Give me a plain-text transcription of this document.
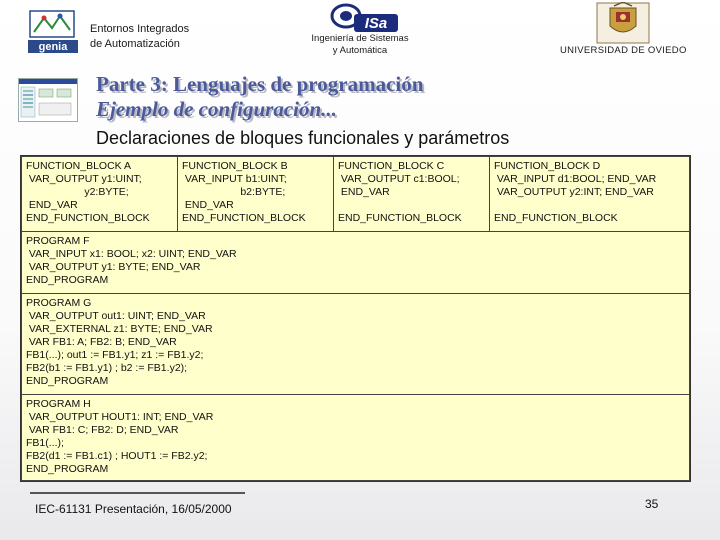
genia
Entornos Integrados
de Automatización
ISa
Ingeniería de Sistemas
y Automática	UNIVERSIDAD DE OVIEDO
Parte 3: Lenguajes de programación
Ejemplo de configuración...
Declaraciones de bloques funcionales y parámetros
FUNCTION_BLOCK A
VAR_OUTPUT y1:UINT;
y2:BYTE;
END_VAR
END_FUNCTION_BLOCK
FUNCTION_BLOCK B
VAR_INPUT b1:UINT;
b2:BYTE;
END_VAR
END_FUNCTION_BLOCK
FUNCTION_BLOCK C
VAR_OUTPUT c1:BOOL;
END_VAR

END_FUNCTION_BLOCK
FUNCTION_BLOCK D
VAR_INPUT d1:BOOL; END_VAR
VAR_OUTPUT y2:INT; END_VAR

END_FUNCTION_BLOCK
PROGRAM F
VAR_INPUT x1: BOOL; x2: UINT; END_VAR
VAR_OUTPUT y1: BYTE; END_VAR
END_PROGRAM
PROGRAM G
VAR_OUTPUT out1: UINT; END_VAR
VAR_EXTERNAL z1: BYTE; END_VAR
VAR FB1: A; FB2: B; END_VAR
FB1(...); out1 := FB1.y1; z1 := FB1.y2;
FB2(b1 := FB1.y1) ; b2 := FB1.y2);
END_PROGRAM
PROGRAM H
VAR_OUTPUT HOUT1: INT; END_VAR
VAR FB1: C; FB2: D; END_VAR
FB1(...);
FB2(d1 := FB1.c1) ; HOUT1 := FB2.y2;
END_PROGRAM
IEC-61131 Presentación, 16/05/2000	35
